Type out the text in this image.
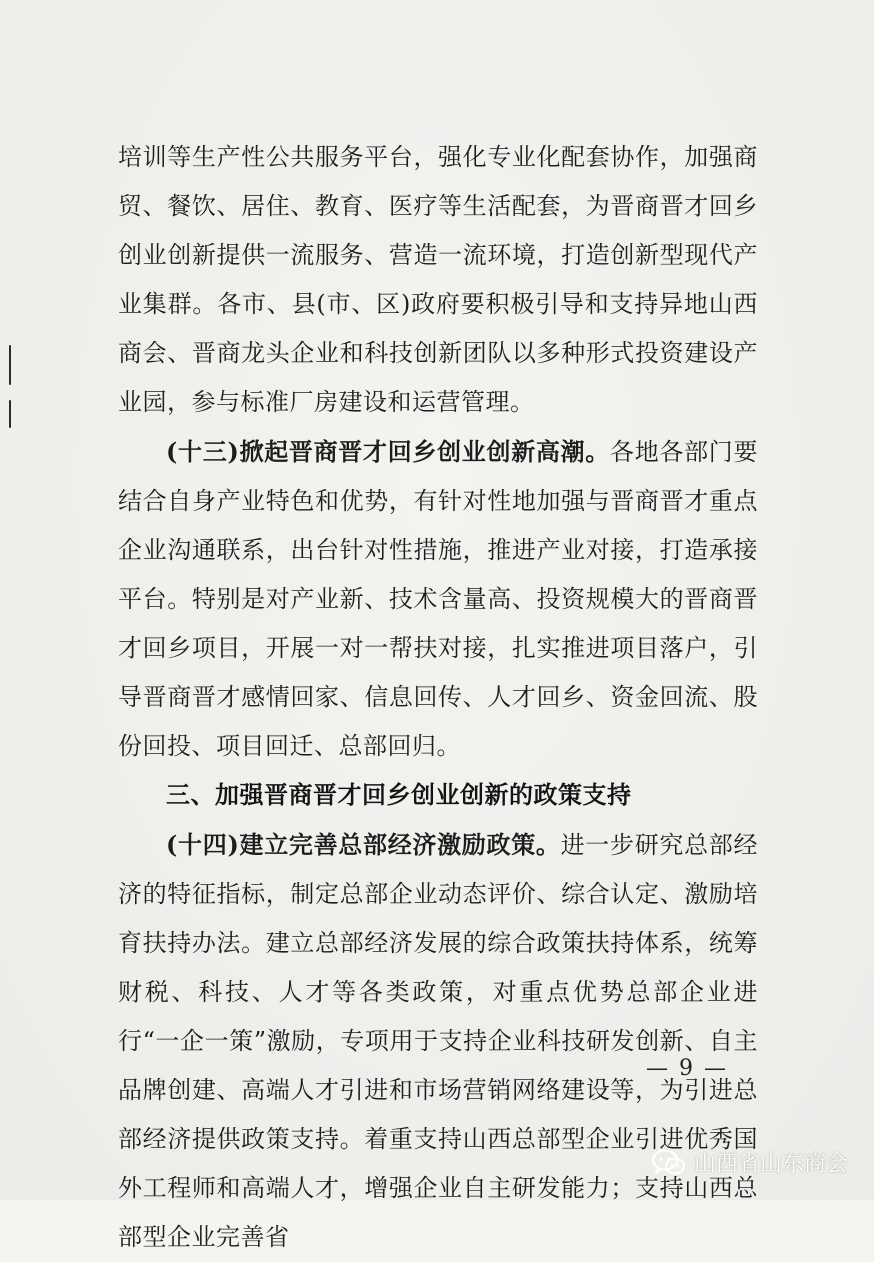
培训等生产性公共服务平台，强化专业化配套协作，加强商贸、餐饮、居住、教育、医疗等生活配套，为晋商晋才回乡创业创新提供一流服务、营造一流环境，打造创新型现代产业集群。各市、县(市、区)政府要积极引导和支持异地山西商会、晋商龙头企业和科技创新团队以多种形式投资建设产业园，参与标准厂房建设和运营管理。

(十三)掀起晋商晋才回乡创业创新高潮。各地各部门要结合自身产业特色和优势，有针对性地加强与晋商晋才重点企业沟通联系，出台针对性措施，推进产业对接，打造承接平台。特别是对产业新、技术含量高、投资规模大的晋商晋才回乡项目，开展一对一帮扶对接，扎实推进项目落户，引导晋商晋才感情回家、信息回传、人才回乡、资金回流、股份回投、项目回迁、总部回归。

三、加强晋商晋才回乡创业创新的政策支持

(十四)建立完善总部经济激励政策。进一步研究总部经济的特征指标，制定总部企业动态评价、综合认定、激励培育扶持办法。建立总部经济发展的综合政策扶持体系，统筹财税、科技、人才等各类政策，对重点优势总部企业进行“一企一策”激励，专项用于支持企业科技研发创新、自主品牌创建、高端人才引进和市场营销网络建设等，为引进总部经济提供政策支持。着重支持山西总部型企业引进优秀国外工程师和高端人才，增强企业自主研发能力；支持山西总部型企业完善省

— 9 —
山西省山东商会
